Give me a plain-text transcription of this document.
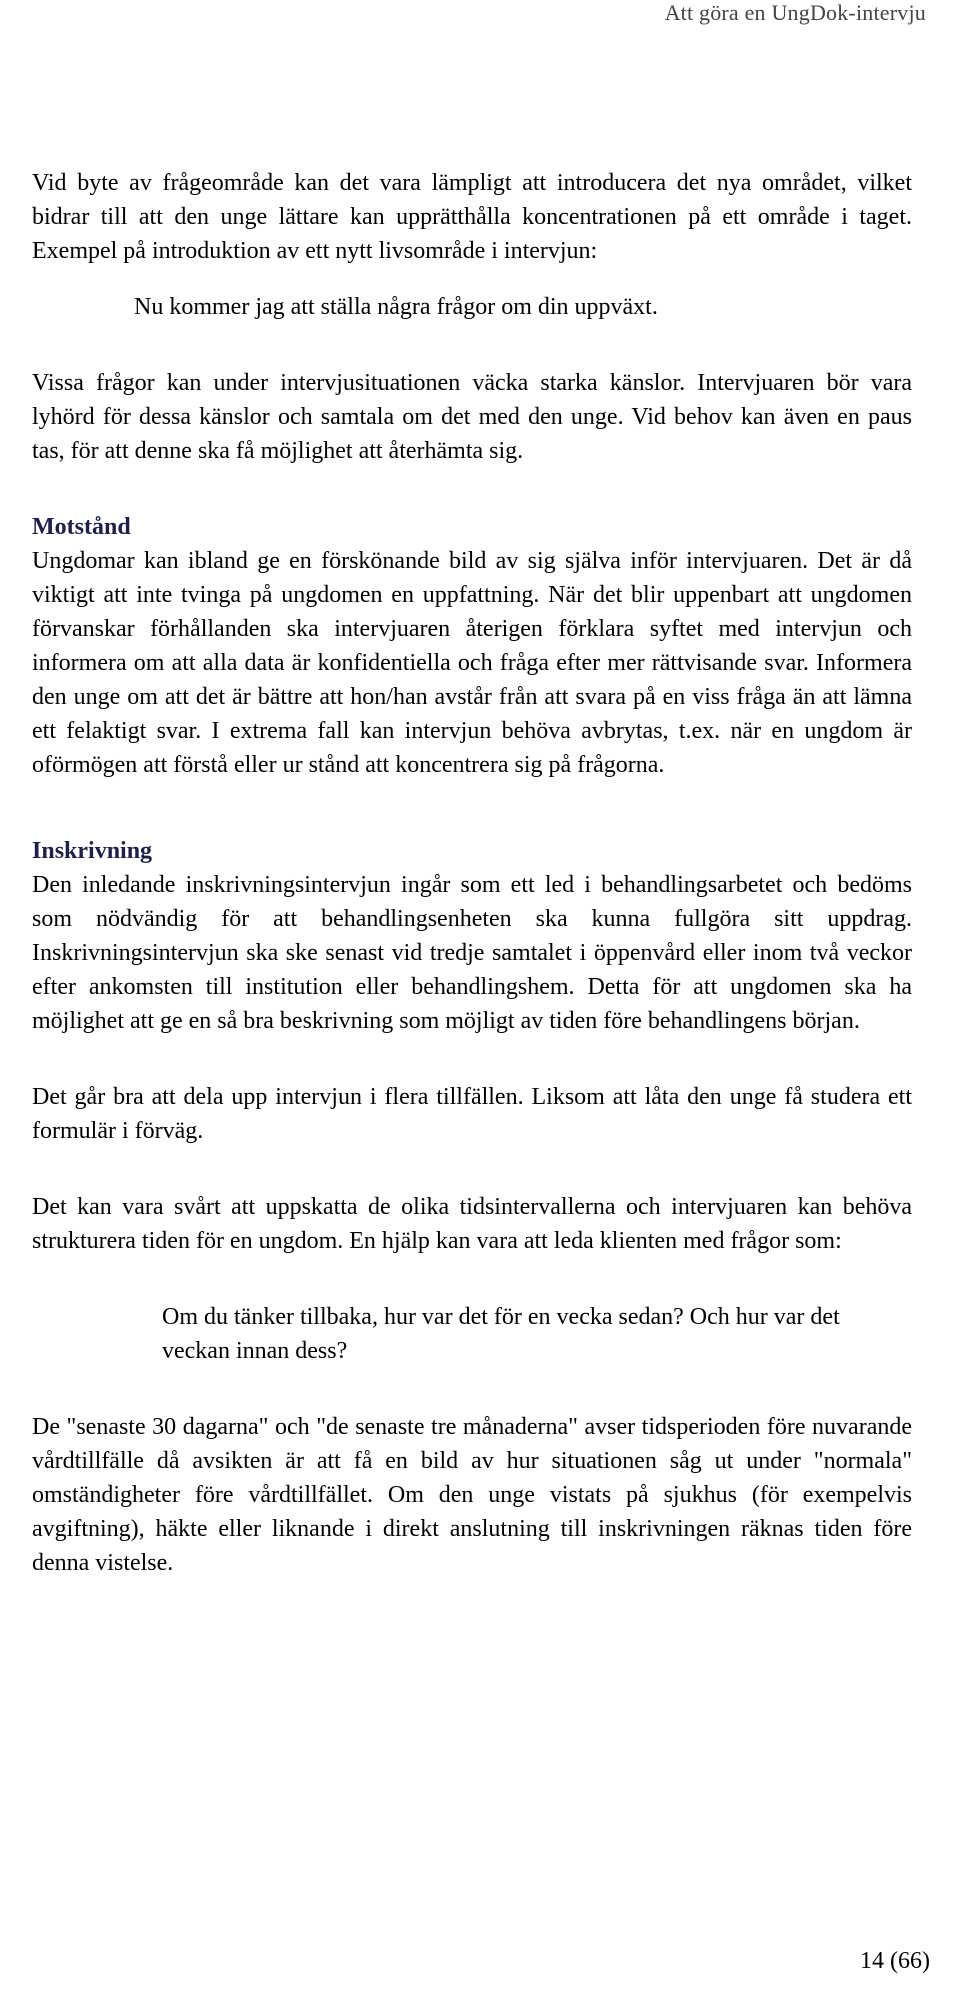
Att göra en UngDok-intervju

Vid byte av frågeområde kan det vara lämpligt att introducera det nya området, vilket bidrar till att den unge lättare kan upprätthålla koncentrationen på ett område i taget. Exempel på introduktion av ett nytt livsområde i intervjun:

Nu kommer jag att ställa några frågor om din uppväxt.

Vissa frågor kan under intervjusituationen väcka starka känslor. Intervjuaren bör vara lyhörd för dessa känslor och samtala om det med den unge. Vid behov kan även en paus tas, för att denne ska få möjlighet att återhämta sig.

Motstånd

Ungdomar kan ibland ge en förskönande bild av sig själva inför intervjuaren. Det är då viktigt att inte tvinga på ungdomen en uppfattning. När det blir uppenbart att ungdomen förvanskar förhållanden ska intervjuaren återigen förklara syftet med intervjun och informera om att alla data är konfidentiella och fråga efter mer rättvisande svar. Informera den unge om att det är bättre att hon/han avstår från att svara på en viss fråga än att lämna ett felaktigt svar. I extrema fall kan intervjun behöva avbrytas, t.ex. när en ungdom är oförmögen att förstå eller ur stånd att koncentrera sig på frågorna.

Inskrivning

Den inledande inskrivningsintervjun ingår som ett led i behandlingsarbetet och bedöms som nödvändig för att behandlingsenheten ska kunna fullgöra sitt uppdrag. Inskrivningsintervjun ska ske senast vid tredje samtalet i öppenvård eller inom två veckor efter ankomsten till institution eller behandlingshem. Detta för att ungdomen ska ha möjlighet att ge en så bra beskrivning som möjligt av tiden före behandlingens början.

Det går bra att dela upp intervjun i flera tillfällen. Liksom att låta den unge få studera ett formulär i förväg.

Det kan vara svårt att uppskatta de olika tidsintervallerna och intervjuaren kan behöva strukturera tiden för en ungdom. En hjälp kan vara att leda klienten med frågor som:

Om du tänker tillbaka, hur var det för en vecka sedan? Och hur var det veckan innan dess?

De "senaste 30 dagarna" och "de senaste tre månaderna" avser tidsperioden före nuvarande vårdtillfälle då avsikten är att få en bild av hur situationen såg ut under "normala" omständigheter före vårdtillfället. Om den unge vistats på sjukhus (för exempelvis avgiftning), häkte eller liknande i direkt anslutning till inskrivningen räknas tiden före denna vistelse.

14 (66)
